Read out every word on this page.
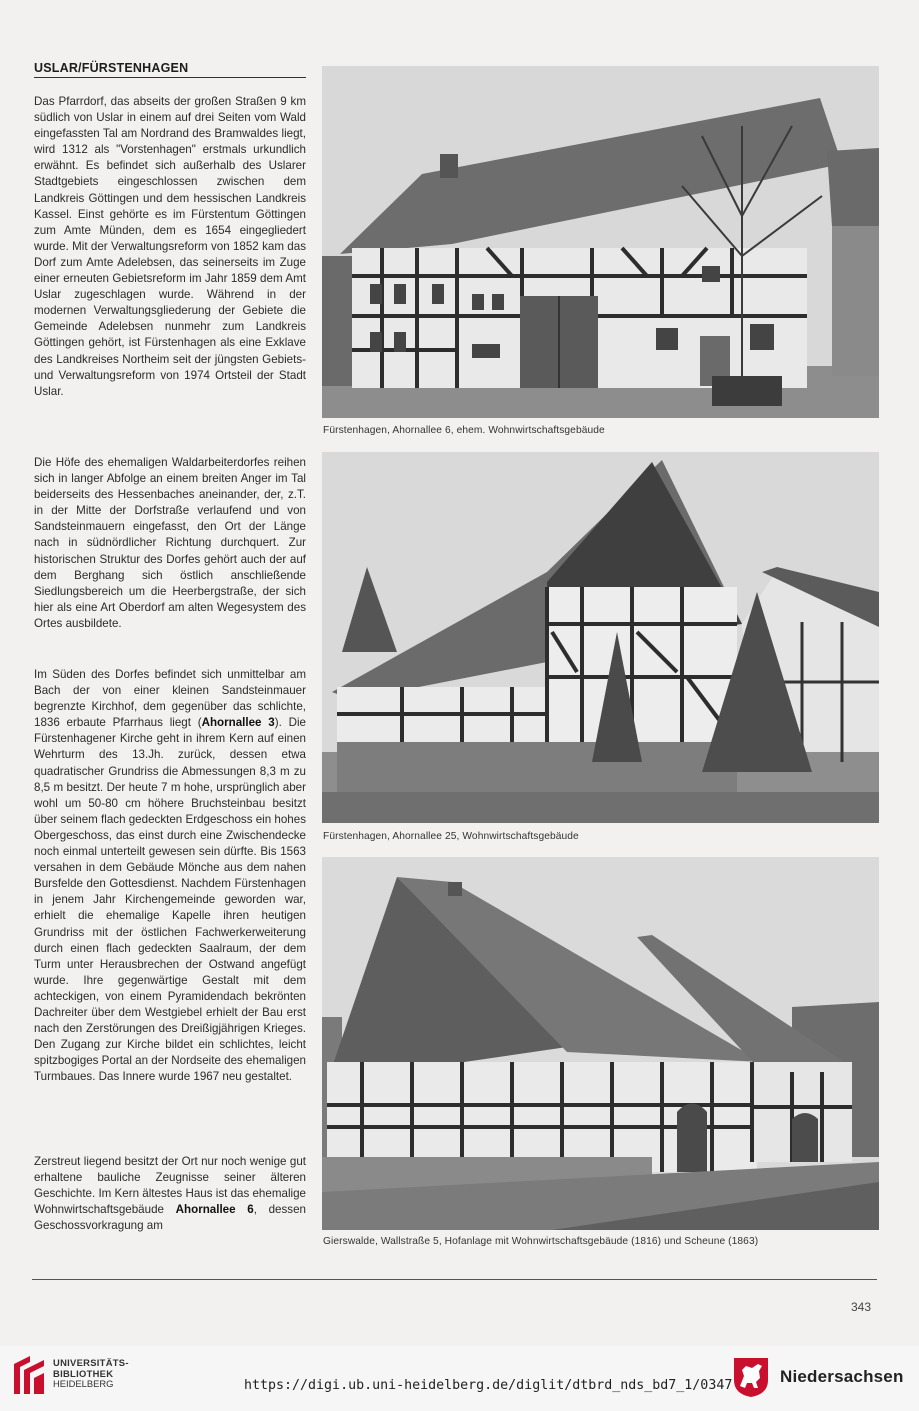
USLAR/FÜRSTENHAGEN
Das Pfarrdorf, das abseits der großen Straßen 9 km südlich von Uslar in einem auf drei Seiten vom Wald eingefassten Tal am Nordrand des Bramwaldes liegt, wird 1312 als "Vorstenhagen" erstmals urkundlich erwähnt. Es befindet sich außerhalb des Uslarer Stadtgebiets eingeschlossen zwischen dem Landkreis Göttingen und dem hessischen Landkreis Kassel. Einst gehörte es im Fürstentum Göttingen zum Amte Münden, dem es 1654 eingegliedert wurde. Mit der Verwaltungsreform von 1852 kam das Dorf zum Amte Adelebsen, das seinerseits im Zuge einer erneuten Gebietsreform im Jahr 1859 dem Amt Uslar zugeschlagen wurde. Während in der modernen Verwaltungsgliederung der Gebiete die Gemeinde Adelebsen nunmehr zum Landkreis Göttingen gehört, ist Fürstenhagen als eine Exklave des Landkreises Northeim seit der jüngsten Gebiets- und Verwaltungsreform von 1974 Ortsteil der Stadt Uslar.
Die Höfe des ehemaligen Waldarbeiterdorfes reihen sich in langer Abfolge an einem breiten Anger im Tal beiderseits des Hessenbaches aneinander, der, z.T. in der Mitte der Dorfstraße verlaufend und von Sandsteinmauern eingefasst, den Ort der Länge nach in südnördlicher Richtung durchquert. Zur historischen Struktur des Dorfes gehört auch der auf dem Berghang sich östlich anschließende Siedlungsbereich um die Heerbergstraße, der sich hier als eine Art Oberdorf am alten Wegesystem des Ortes ausbildete.
Im Süden des Dorfes befindet sich unmittelbar am Bach der von einer kleinen Sandsteinmauer begrenzte Kirchhof, dem gegenüber das schlichte, 1836 erbaute Pfarrhaus liegt (Ahornallee 3). Die Fürstenhagener Kirche geht in ihrem Kern auf einen Wehrturm des 13.Jh. zurück, dessen etwa quadratischer Grundriss die Abmessungen 8,3 m zu 8,5 m besitzt. Der heute 7 m hohe, ursprünglich aber wohl um 50-80 cm höhere Bruchsteinbau besitzt über seinem flach gedeckten Erdgeschoss ein hohes Obergeschoss, das einst durch eine Zwischendecke noch einmal unterteilt gewesen sein dürfte. Bis 1563 versahen in dem Gebäude Mönche aus dem nahen Bursfelde den Gottesdienst. Nachdem Fürstenhagen in jenem Jahr Kirchengemeinde geworden war, erhielt die ehemalige Kapelle ihren heutigen Grundriss mit der östlichen Fachwerkerweiterung durch einen flach gedeckten Saalraum, der dem Turm unter Herausbrechen der Ostwand angefügt wurde. Ihre gegenwärtige Gestalt mit dem achteckigen, von einem Pyramidendach bekrönten Dachreiter über dem Westgiebel erhielt der Bau erst nach den Zerstörungen des Dreißigjährigen Krieges. Den Zugang zur Kirche bildet ein schlichtes, leicht spitzbogiges Portal an der Nordseite des ehemaligen Turmbaues. Das Innere wurde 1967 neu gestaltet.
Zerstreut liegend besitzt der Ort nur noch wenige gut erhaltene bauliche Zeugnisse seiner älteren Geschichte. Im Kern ältestes Haus ist das ehemalige Wohnwirtschaftsgebäude Ahornallee 6, dessen Geschossvorkragung am
Fürstenhagen, Ahornallee 6, ehem. Wohnwirtschaftsgebäude
Fürstenhagen, Ahornallee 25, Wohnwirtschaftsgebäude
Gierswalde, Wallstraße 5, Hofanlage mit Wohnwirtschaftsgebäude (1816) und Scheune (1863)
343
UNIVERSITÄTS-
BIBLIOTHEK
HEIDELBERG	https://digi.ub.uni-heidelberg.de/diglit/dtbrd_nds_bd7_1/0347	Niedersachsen
